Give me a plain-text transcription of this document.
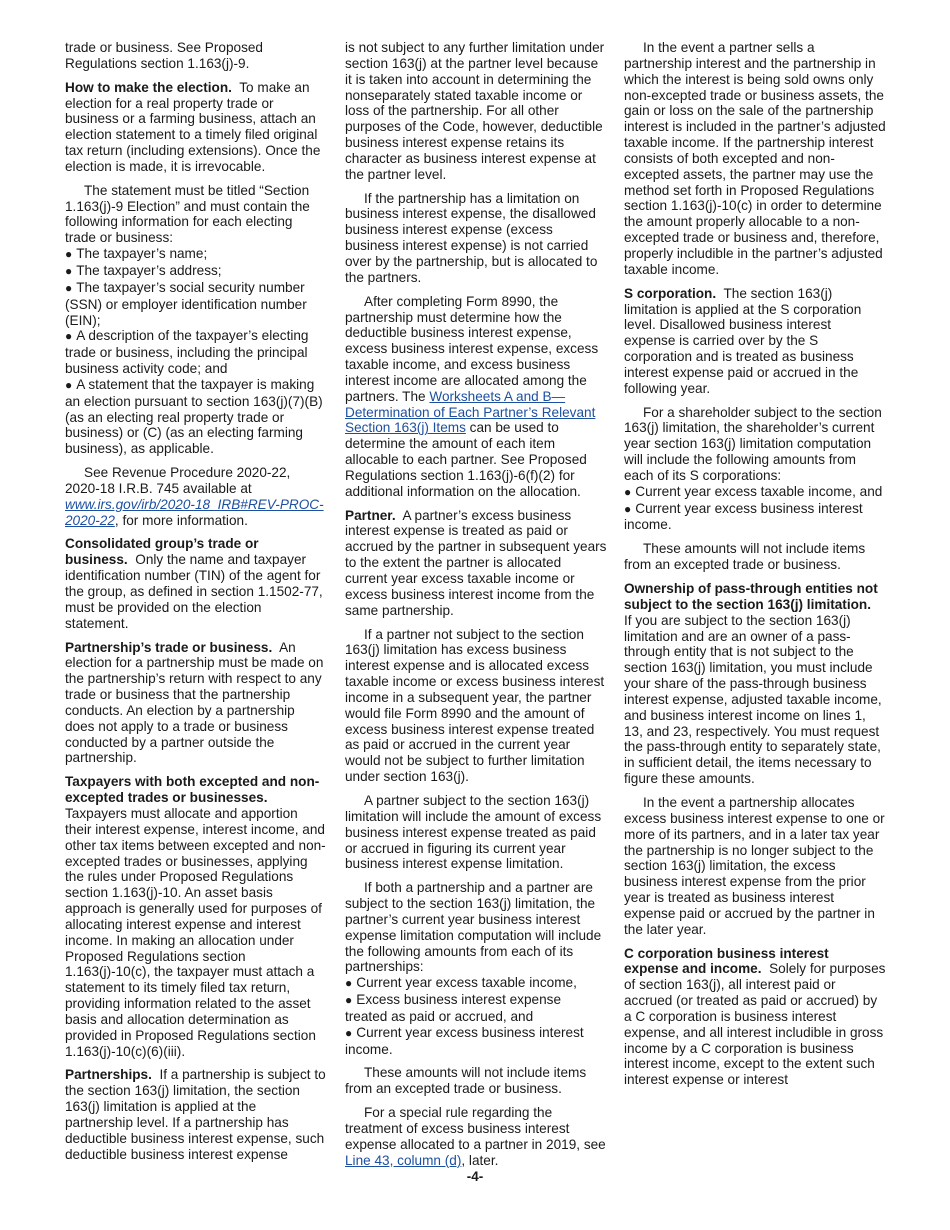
trade or business. See Proposed Regulations section 1.163(j)-9.

How to make the election. To make an election for a real property trade or business or a farming business, attach an election statement to a timely filed original tax return (including extensions). Once the election is made, it is irrevocable.

The statement must be titled “Section 1.163(j)-9 Election” and must contain the following information for each electing trade or business:

● The taxpayer’s name;
● The taxpayer’s address;
● The taxpayer’s social security number (SSN) or employer identification number (EIN);
● A description of the taxpayer’s electing trade or business, including the principal business activity code; and
● A statement that the taxpayer is making an election pursuant to section 163(j)(7)(B) (as an electing real property trade or business) or (C) (as an electing farming business), as applicable.

See Revenue Procedure 2020-22, 2020-18 I.R.B. 745 available at www.irs.gov/irb/2020-18_IRB#REV-PROC-2020-22, for more information.

Consolidated group’s trade or business. Only the name and taxpayer identification number (TIN) of the agent for the group, as defined in section 1.1502-77, must be provided on the election statement.

Partnership’s trade or business. An election for a partnership must be made on the partnership’s return with respect to any trade or business that the partnership conducts. An election by a partnership does not apply to a trade or business conducted by a partner outside the partnership.

Taxpayers with both excepted and non-excepted trades or businesses. Taxpayers must allocate and apportion their interest expense, interest income, and other tax items between excepted and non-excepted trades or businesses, applying the rules under Proposed Regulations section 1.163(j)-10. An asset basis approach is generally used for purposes of allocating interest expense and interest income. In making an allocation under Proposed Regulations section 1.163(j)-10(c), the taxpayer must attach a statement to its timely filed tax return, providing information related to the asset basis and allocation determination as provided in Proposed Regulations section 1.163(j)-10(c)(6)(iii).

Partnerships. If a partnership is subject to the section 163(j) limitation, the section 163(j) limitation is applied at the partnership level. If a partnership has deductible business interest expense, such deductible business interest expense

is not subject to any further limitation under section 163(j) at the partner level because it is taken into account in determining the nonseparately stated taxable income or loss of the partnership. For all other purposes of the Code, however, deductible business interest expense retains its character as business interest expense at the partner level.

If the partnership has a limitation on business interest expense, the disallowed business interest expense (excess business interest expense) is not carried over by the partnership, but is allocated to the partners.

After completing Form 8990, the partnership must determine how the deductible business interest expense, excess business interest expense, excess taxable income, and excess business interest income are allocated among the partners. The Worksheets A and B—Determination of Each Partner’s Relevant Section 163(j) Items can be used to determine the amount of each item allocable to each partner. See Proposed Regulations section 1.163(j)-6(f)(2) for additional information on the allocation.

Partner. A partner’s excess business interest expense is treated as paid or accrued by the partner in subsequent years to the extent the partner is allocated current year excess taxable income or excess business interest income from the same partnership.

If a partner not subject to the section 163(j) limitation has excess business interest expense and is allocated excess taxable income or excess business interest income in a subsequent year, the partner would file Form 8990 and the amount of excess business interest expense treated as paid or accrued in the current year would not be subject to further limitation under section 163(j).

A partner subject to the section 163(j) limitation will include the amount of excess business interest expense treated as paid or accrued in figuring its current year business interest expense limitation.

If both a partnership and a partner are subject to the section 163(j) limitation, the partner’s current year business interest expense limitation computation will include the following amounts from each of its partnerships:

● Current year excess taxable income,
● Excess business interest expense treated as paid or accrued, and
● Current year excess business interest income.

These amounts will not include items from an excepted trade or business.

For a special rule regarding the treatment of excess business interest expense allocated to a partner in 2019, see Line 43, column (d), later.

In the event a partner sells a partnership interest and the partnership in which the interest is being sold owns only non-excepted trade or business assets, the gain or loss on the sale of the partnership interest is included in the partner’s adjusted taxable income. If the partnership interest consists of both excepted and non-excepted assets, the partner may use the method set forth in Proposed Regulations section 1.163(j)-10(c) in order to determine the amount properly allocable to a non-excepted trade or business and, therefore, properly includible in the partner’s adjusted taxable income.

S corporation. The section 163(j) limitation is applied at the S corporation level. Disallowed business interest expense is carried over by the S corporation and is treated as business interest expense paid or accrued in the following year.

For a shareholder subject to the section 163(j) limitation, the shareholder’s current year section 163(j) limitation computation will include the following amounts from each of its S corporations:

● Current year excess taxable income, and
● Current year excess business interest income.

These amounts will not include items from an excepted trade or business.

Ownership of pass-through entities not subject to the section 163(j) limitation.  If you are subject to the section 163(j) limitation and are an owner of a pass-through entity that is not subject to the section 163(j) limitation, you must include your share of the pass-through business interest expense, adjusted taxable income, and business interest income on lines 1, 13, and 23, respectively. You must request the pass-through entity to separately state, in sufficient detail, the items necessary to figure these amounts.

In the event a partnership allocates excess business interest expense to one or more of its partners, and in a later tax year the partnership is no longer subject to the section 163(j) limitation, the excess business interest expense from the prior year is treated as business interest expense paid or accrued by the partner in the later year.

C corporation business interest expense and income. Solely for purposes of section 163(j), all interest paid or accrued (or treated as paid or accrued) by a C corporation is business interest expense, and all interest includible in gross income by a C corporation is business interest income, except to the extent such interest expense or interest

-4-
